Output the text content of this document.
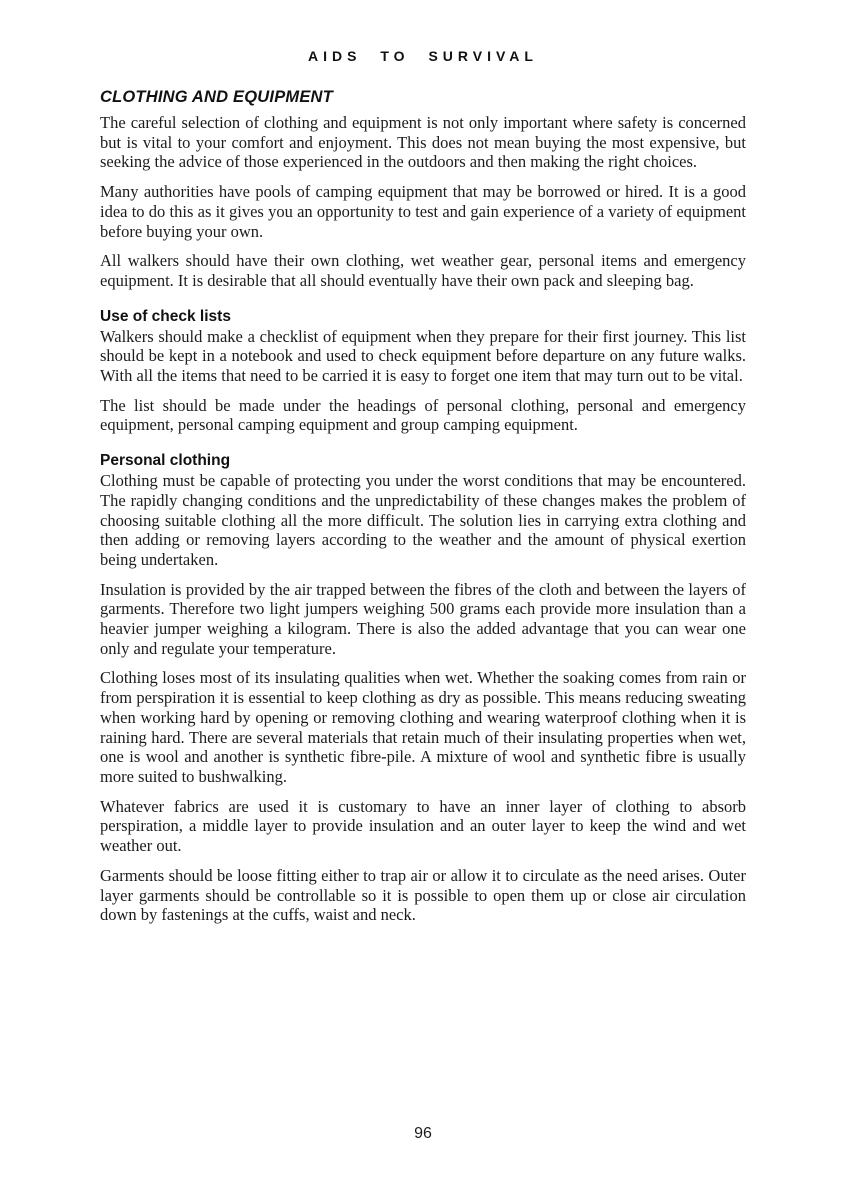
AIDS TO SURVIVAL
CLOTHING AND EQUIPMENT

The careful selection of clothing and equipment is not only important where safety is concerned but is vital to your comfort and enjoyment. This does not mean buying the most expensive, but seeking the advice of those experienced in the outdoors and then making the right choices.

Many authorities have pools of camping equipment that may be borrowed or hired. It is a good idea to do this as it gives you an opportunity to test and gain experience of a variety of equipment before buying your own.

All walkers should have their own clothing, wet weather gear, personal items and emergency equipment. It is desirable that all should eventually have their own pack and sleeping bag.

Use of check lists

Walkers should make a checklist of equipment when they prepare for their first journey. This list should be kept in a notebook and used to check equipment before departure on any future walks. With all the items that need to be carried it is easy to forget one item that may turn out to be vital.

The list should be made under the headings of personal clothing, personal and emergency equipment, personal camping equipment and group camping equipment.

Personal clothing

Clothing must be capable of protecting you under the worst conditions that may be encountered. The rapidly changing conditions and the unpredictability of these changes makes the problem of choosing suitable clothing all the more difficult. The solution lies in carrying extra clothing and then adding or removing layers according to the weather and the amount of physical exertion being undertaken.

Insulation is provided by the air trapped between the fibres of the cloth and between the layers of garments. Therefore two light jumpers weighing 500 grams each provide more insulation than a heavier jumper weighing a kilogram. There is also the added advantage that you can wear one only and regulate your temperature.

Clothing loses most of its insulating qualities when wet. Whether the soaking comes from rain or from perspiration it is essential to keep clothing as dry as possible. This means reducing sweating when working hard by opening or removing clothing and wearing waterproof clothing when it is raining hard. There are several materials that retain much of their insulating properties when wet, one is wool and another is synthetic fibre-pile. A mixture of wool and synthetic fibre is usually more suited to bushwalking.

Whatever fabrics are used it is customary to have an inner layer of clothing to absorb perspiration, a middle layer to provide insulation and an outer layer to keep the wind and wet weather out.

Garments should be loose fitting either to trap air or allow it to circulate as the need arises. Outer layer garments should be controllable so it is possible to open them up or close air circulation down by fastenings at the cuffs, waist and neck.

96
